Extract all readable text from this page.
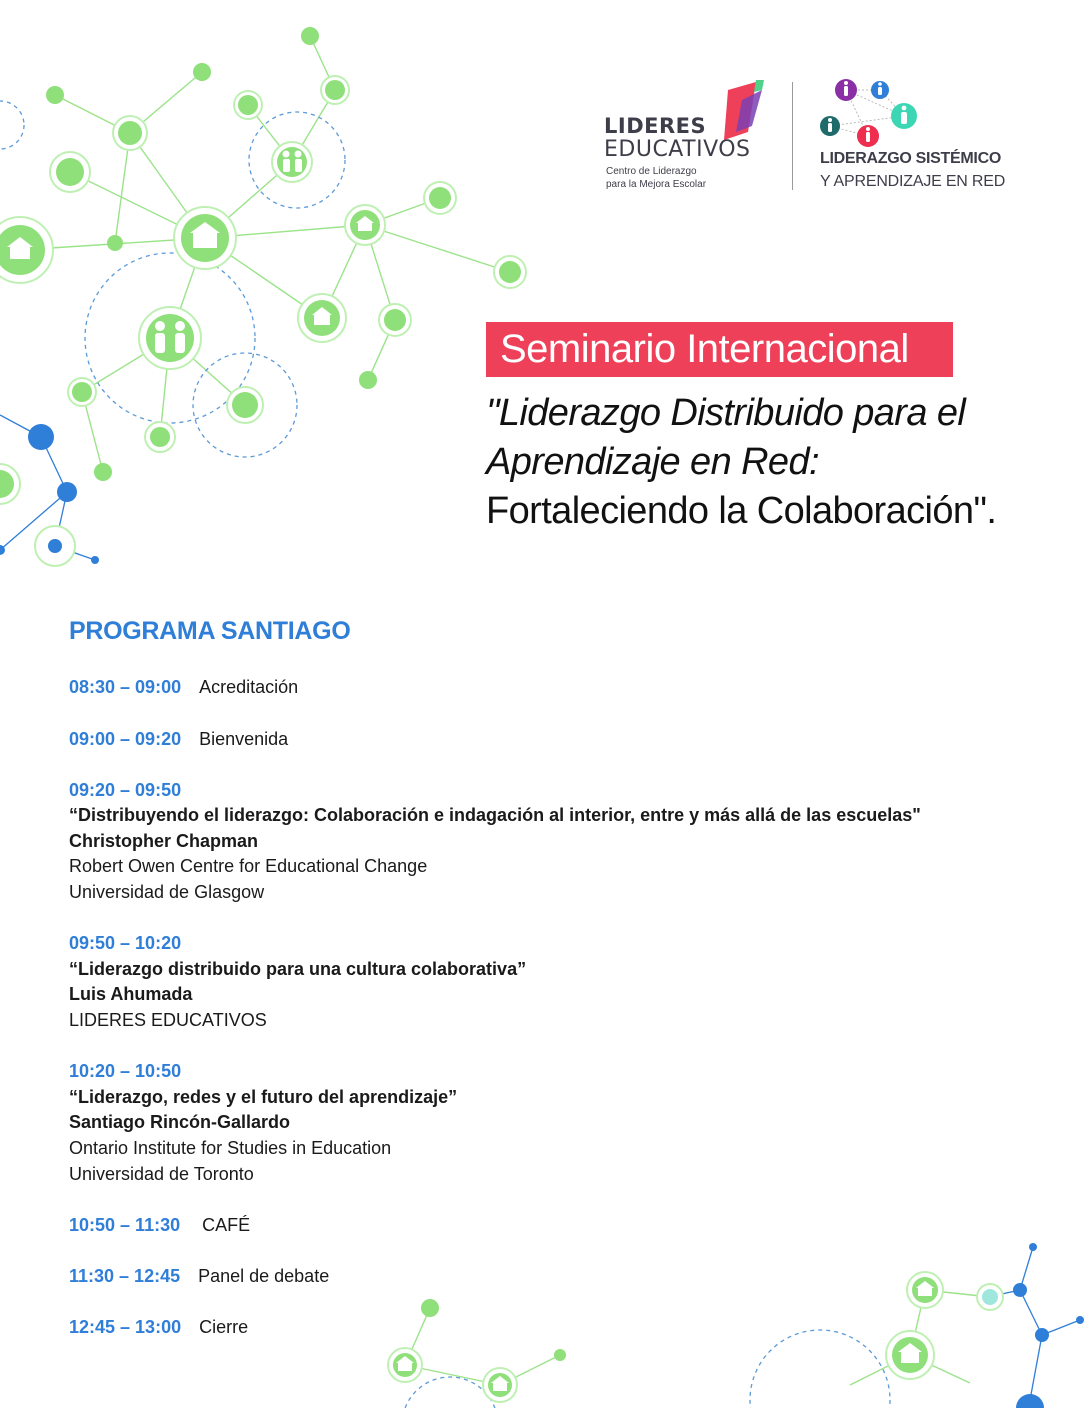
LIDERES
EDUCATIVOS
Centro de Liderazgo
para la Mejora Escolar
LIDERAZGO SISTÉMICO
Y APRENDIZAJE EN RED
Seminario Internacional
"Liderazgo Distribuido para el
Aprendizaje en Red:
Fortaleciendo la Colaboración".
PROGRAMA SANTIAGO
08:30 – 09:00 Acreditación
09:00 – 09:20 Bienvenida
09:20 – 09:50
“Distribuyendo el liderazgo: Colaboración e indagación al interior, entre y más allá de las escuelas"
Christopher Chapman
Robert Owen Centre for Educational Change
Universidad de Glasgow
09:50 – 10:20
“Liderazgo distribuido para una cultura colaborativa”
Luis Ahumada
LIDERES EDUCATIVOS
10:20 – 10:50
“Liderazgo, redes y el futuro del aprendizaje”
Santiago Rincón-Gallardo
Ontario Institute for Studies in Education
Universidad de Toronto
10:50 – 11:30 CAFÉ
11:30 – 12:45 Panel de debate
12:45 – 13:00 Cierre
